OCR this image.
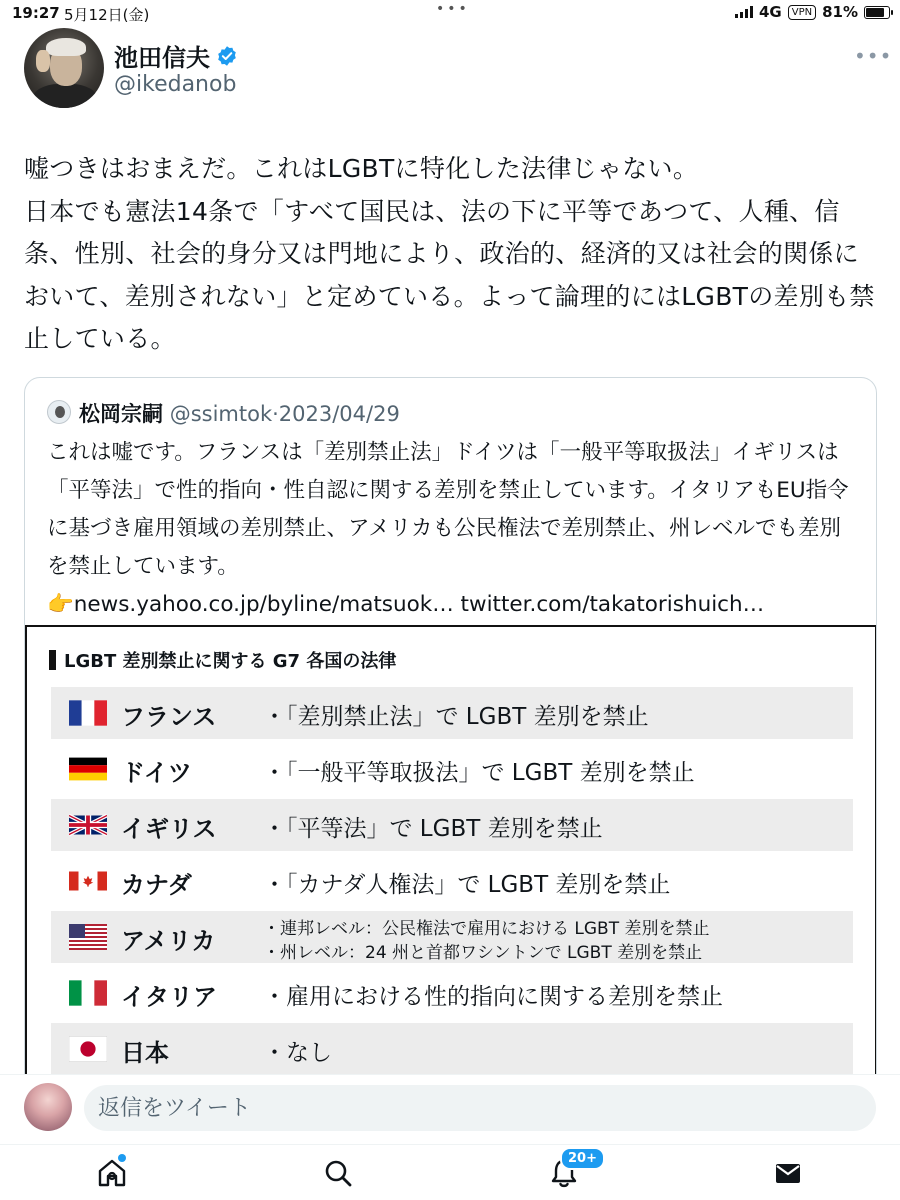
19:27 5月12日(金)	•••	4G	VPN 81%
池田信夫
@ikedanob
•••
嘘つきはおまえだ。これはLGBTに特化した法律じゃない。
日本でも憲法14条で「すべて国民は、法の下に平等であつて、人種、信条、性別、社会的身分又は門地により、政治的、経済的又は社会的関係に おいて、差別されない」と定めている。よって論理的にはLGBTの差別も禁止している。
松岡宗嗣 @ssimtok·2023/04/29
これは嘘です。フランスは「差別禁止法」ドイツは「一般平等取扱法」イギリスは「平等法」で性的指向・性自認に関する差別を禁止しています。イタリアもEU指令に基づき雇用領域の差別禁止、アメリカも公民権法で差別禁止、州レベルでも差別を禁止しています。
👉news.yahoo.co.jp/byline/matsuok… twitter.com/takatorishuich…
LGBT 差別禁止に関する G7 各国の法律
フランス ・「差別禁止法」で LGBT 差別を禁止
ドイツ	・「一般平等取扱法」で LGBT 差別を禁止
イギリス ・「平等法」で LGBT 差別を禁止
カナダ	・「カナダ人権法」で LGBT 差別を禁止
アメリカ	・連邦レベル：公民権法で雇用における LGBT 差別を禁止
・州レベル：24 州と首都ワシントンで LGBT 差別を禁止
イタリア ・雇用における性的指向に関する差別を禁止
日本	・なし
返信をツイート
20+
